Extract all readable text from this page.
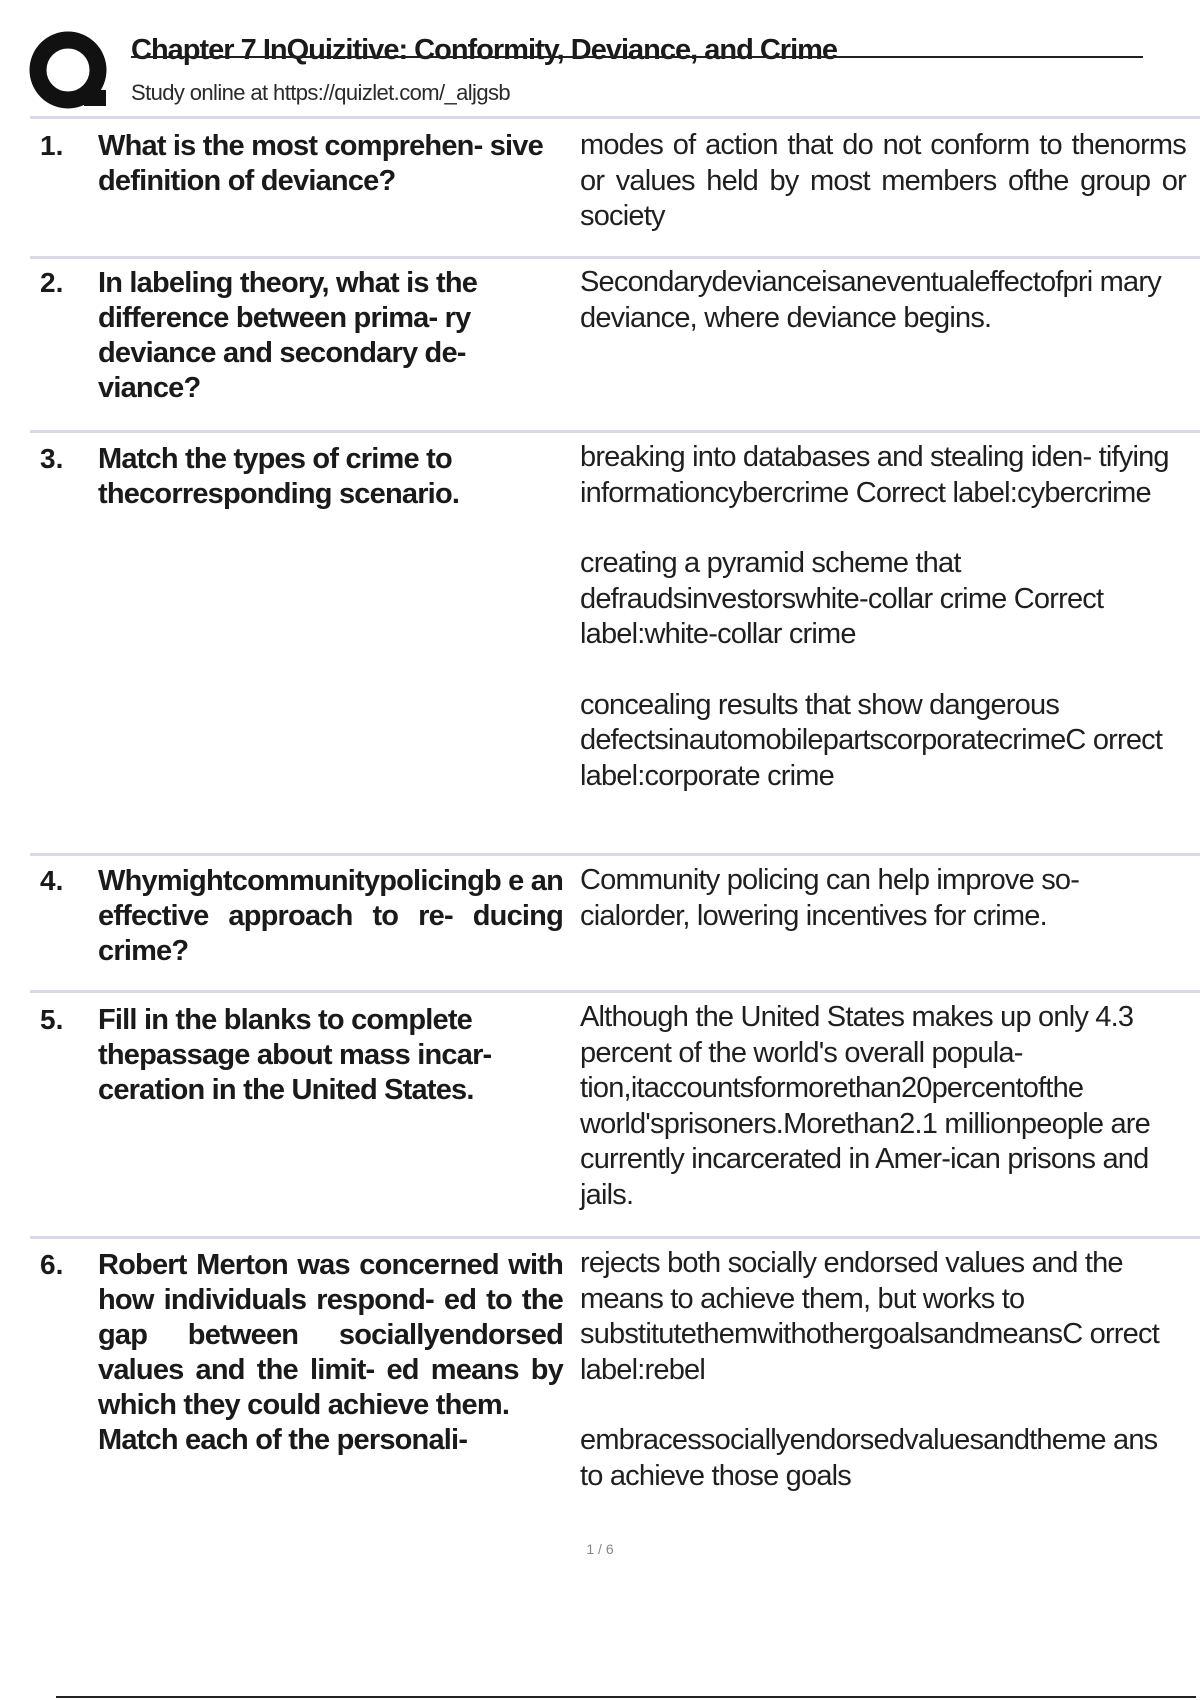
Chapter 7 InQuizitive: Conformity, Deviance, and Crime
Study online at https://quizlet.com/_aljgsb
1. What is the most comprehen- sive definition of deviance?
modes of action that do not conform to thenorms or values held by most members ofthe group or society
2. In labeling theory, what is the difference between prima- ry deviance and secondary de- viance?
Secondarydevianceisaneventualeffectofpri mary deviance, where deviance begins.
3. Match the types of crime to thecorresponding scenario.
breaking into databases and stealing iden- tifying informationcybercrime Correct label:cybercrime
creating a pyramid scheme that defraudsinvestorswhite-collar crime Correct label:white-collar crime
concealing results that show dangerous defectsinautomobilepartscorporatecrimeC orrect label:corporate crime
4. Whymightcommunitypolicingb e an effective approach to re- ducing crime?
Community policing can help improve so- cialorder, lowering incentives for crime.
5. Fill in the blanks to complete thepassage about mass incar- ceration in the United States.
Although the United States makes up only 4.3 percent of the world's overall popula- tion,itaccountsformorethan20percentofthe world'sprisoners.Morethan2.1 millionpeople are currently incarcerated in Amer-ican prisons and jails.
6. Robert Merton was concerned with how individuals respond- ed to the gap between sociallyendorsed values and the limit- ed means by which they could achieve them.
Match each of the personali-
rejects both socially endorsed values and the means to achieve them, but works to substitutethemwithothergoalsandmeansC orrect label:rebel
embracessociallyendorsedvaluesandtheme ans to achieve those goals
1 / 6
